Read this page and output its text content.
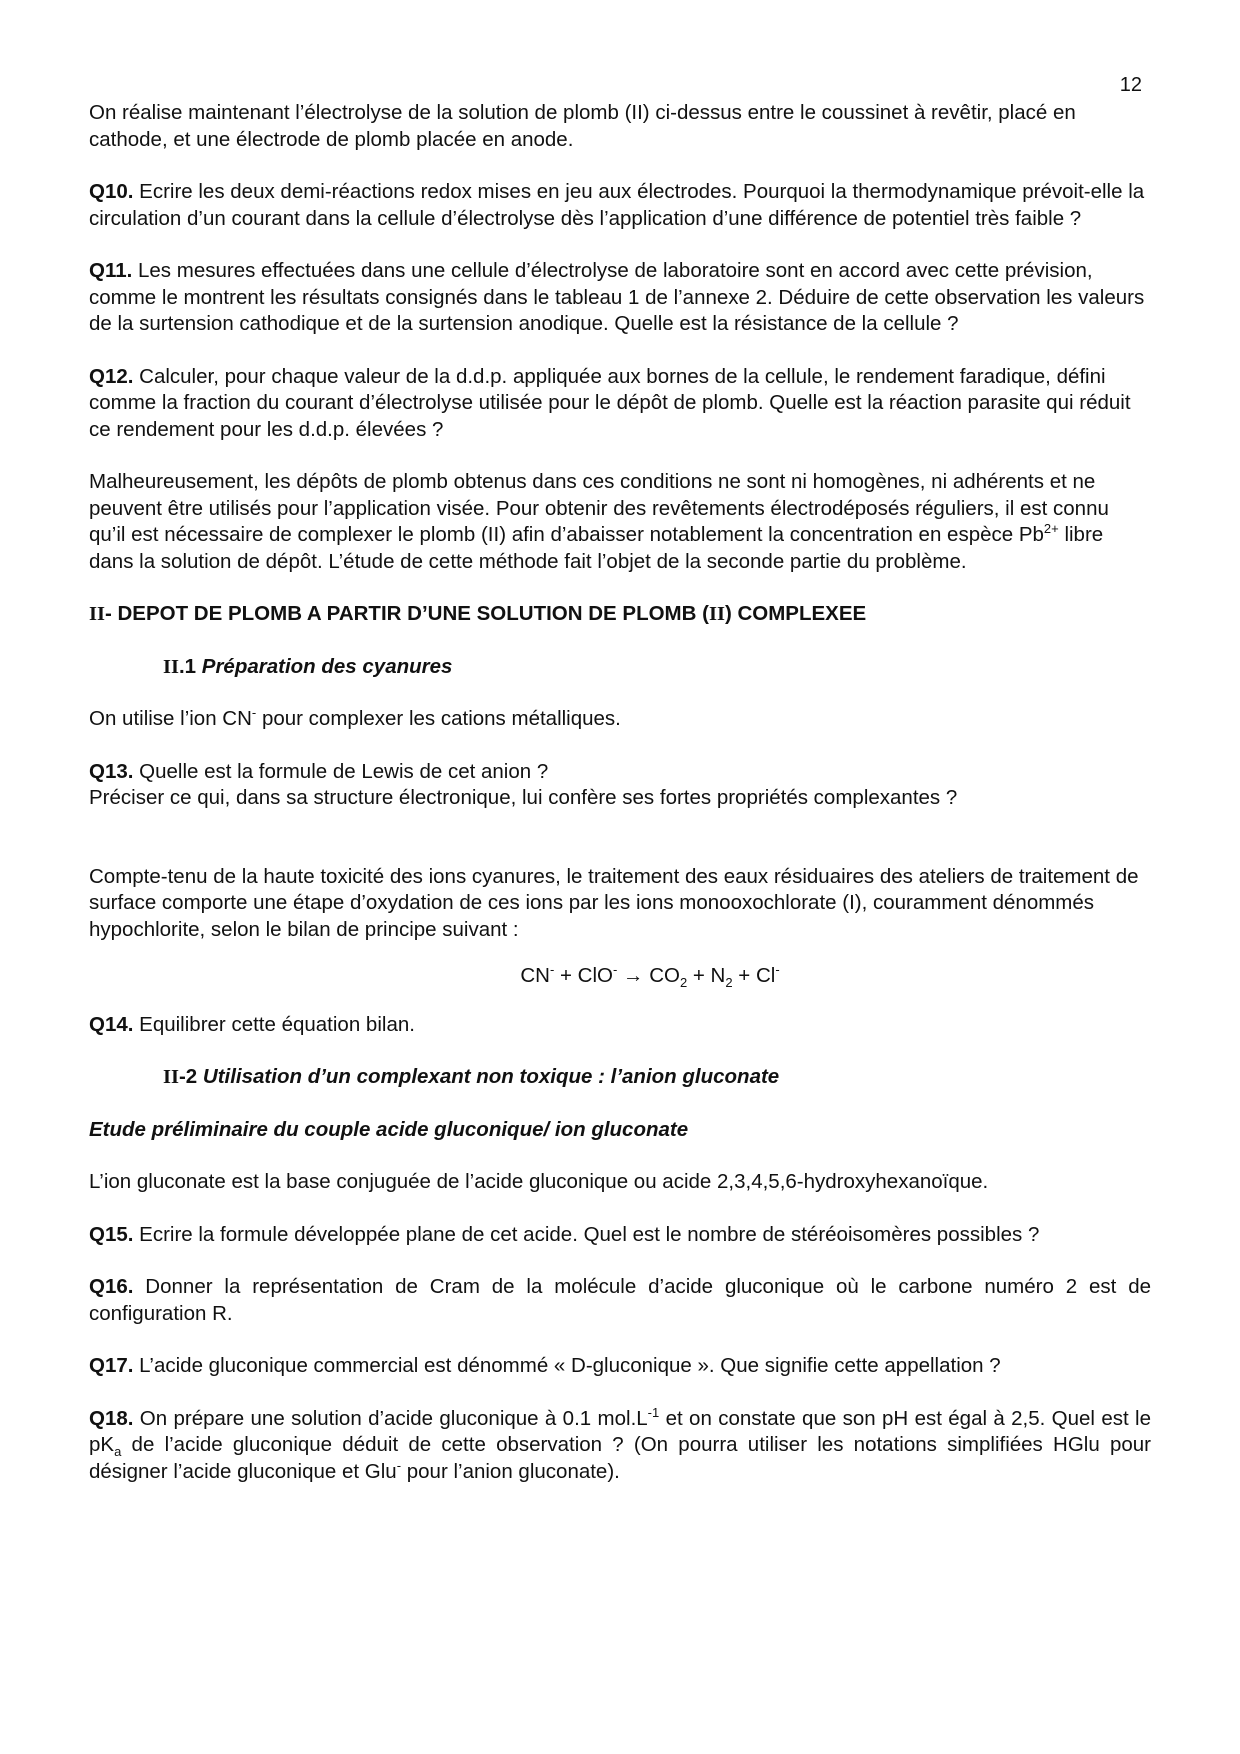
12

On réalise maintenant l’électrolyse de la solution de plomb (II) ci-dessus entre le coussinet à revêtir, placé en cathode, et une électrode de plomb placée en anode.

Q10. Ecrire les deux demi-réactions redox mises en jeu aux électrodes. Pourquoi la thermodynamique prévoit-elle la circulation d’un courant dans la cellule d’électrolyse dès l’application d’une différence de potentiel très faible ?

Q11. Les mesures effectuées dans une cellule d’électrolyse de laboratoire sont en accord avec cette prévision, comme le montrent les résultats consignés dans le tableau 1 de l’annexe 2. Déduire de cette observation les valeurs de la surtension cathodique et de la surtension anodique. Quelle est la résistance de la cellule ?

Q12. Calculer, pour chaque valeur de la d.d.p. appliquée aux bornes de la cellule, le rendement faradique, défini comme la fraction du courant d’électrolyse utilisée pour le dépôt de plomb. Quelle est la réaction parasite qui réduit ce rendement pour les d.d.p. élevées ?

Malheureusement, les dépôts de plomb obtenus dans ces conditions ne sont ni homogènes, ni adhérents et ne peuvent être utilisés pour l’application visée. Pour obtenir des revêtements électrodéposés réguliers, il est connu qu’il est nécessaire de complexer le plomb (II) afin d’abaisser notablement la concentration en espèce $Pb^{2+}$ libre dans la solution de dépôt. L’étude de cette méthode fait l’objet de la seconde partie du problème.

II- DEPOT DE PLOMB A PARTIR D’UNE SOLUTION DE PLOMB (II) COMPLEXEE

II.1 Préparation des cyanures

On utilise l’ion CN- pour complexer les cations métalliques.

Q13. Quelle est la formule de Lewis de cet anion ?

Préciser ce qui, dans sa structure électronique, lui confère ses fortes propriétés complexantes ?

Compte-tenu de la haute toxicité des ions cyanures, le traitement des eaux résiduaires des ateliers de traitement de surface comporte une étape d’oxydation de ces ions par les ions monooxochlorate (I), couramment dénommés hypochlorite, selon le bilan de principe suivant :

$CN^- + ClO^- \to CO_2 + N_2 + Cl^-$

Q14. Equilibrer cette équation bilan.

II-2 Utilisation d’un complexant non toxique : l’anion gluconate

Etude préliminaire du couple acide gluconique/ ion gluconate

L’ion gluconate est la base conjuguée de l’acide gluconique ou acide 2,3,4,5,6-hydroxyhexanoïque.

Q15. Ecrire la formule développée plane de cet acide. Quel est le nombre de stéréoisomères possibles ?

Q16. Donner la représentation de Cram de la molécule d’acide gluconique où le carbone numéro 2 est de configuration R.

Q17. L’acide gluconique commercial est dénommé « D-gluconique ». Que signifie cette appellation ?

Q18. On prépare une solution d’acide gluconique à 0.1 $mol.L^{-1}$ et on constate que son pH est égal à 2,5. Quel est le $pK_a$ de l’acide gluconique déduit de cette observation ? (On pourra utiliser les notations simplifiées HGlu pour désigner l’acide gluconique et Glu- pour l’anion gluconate).
